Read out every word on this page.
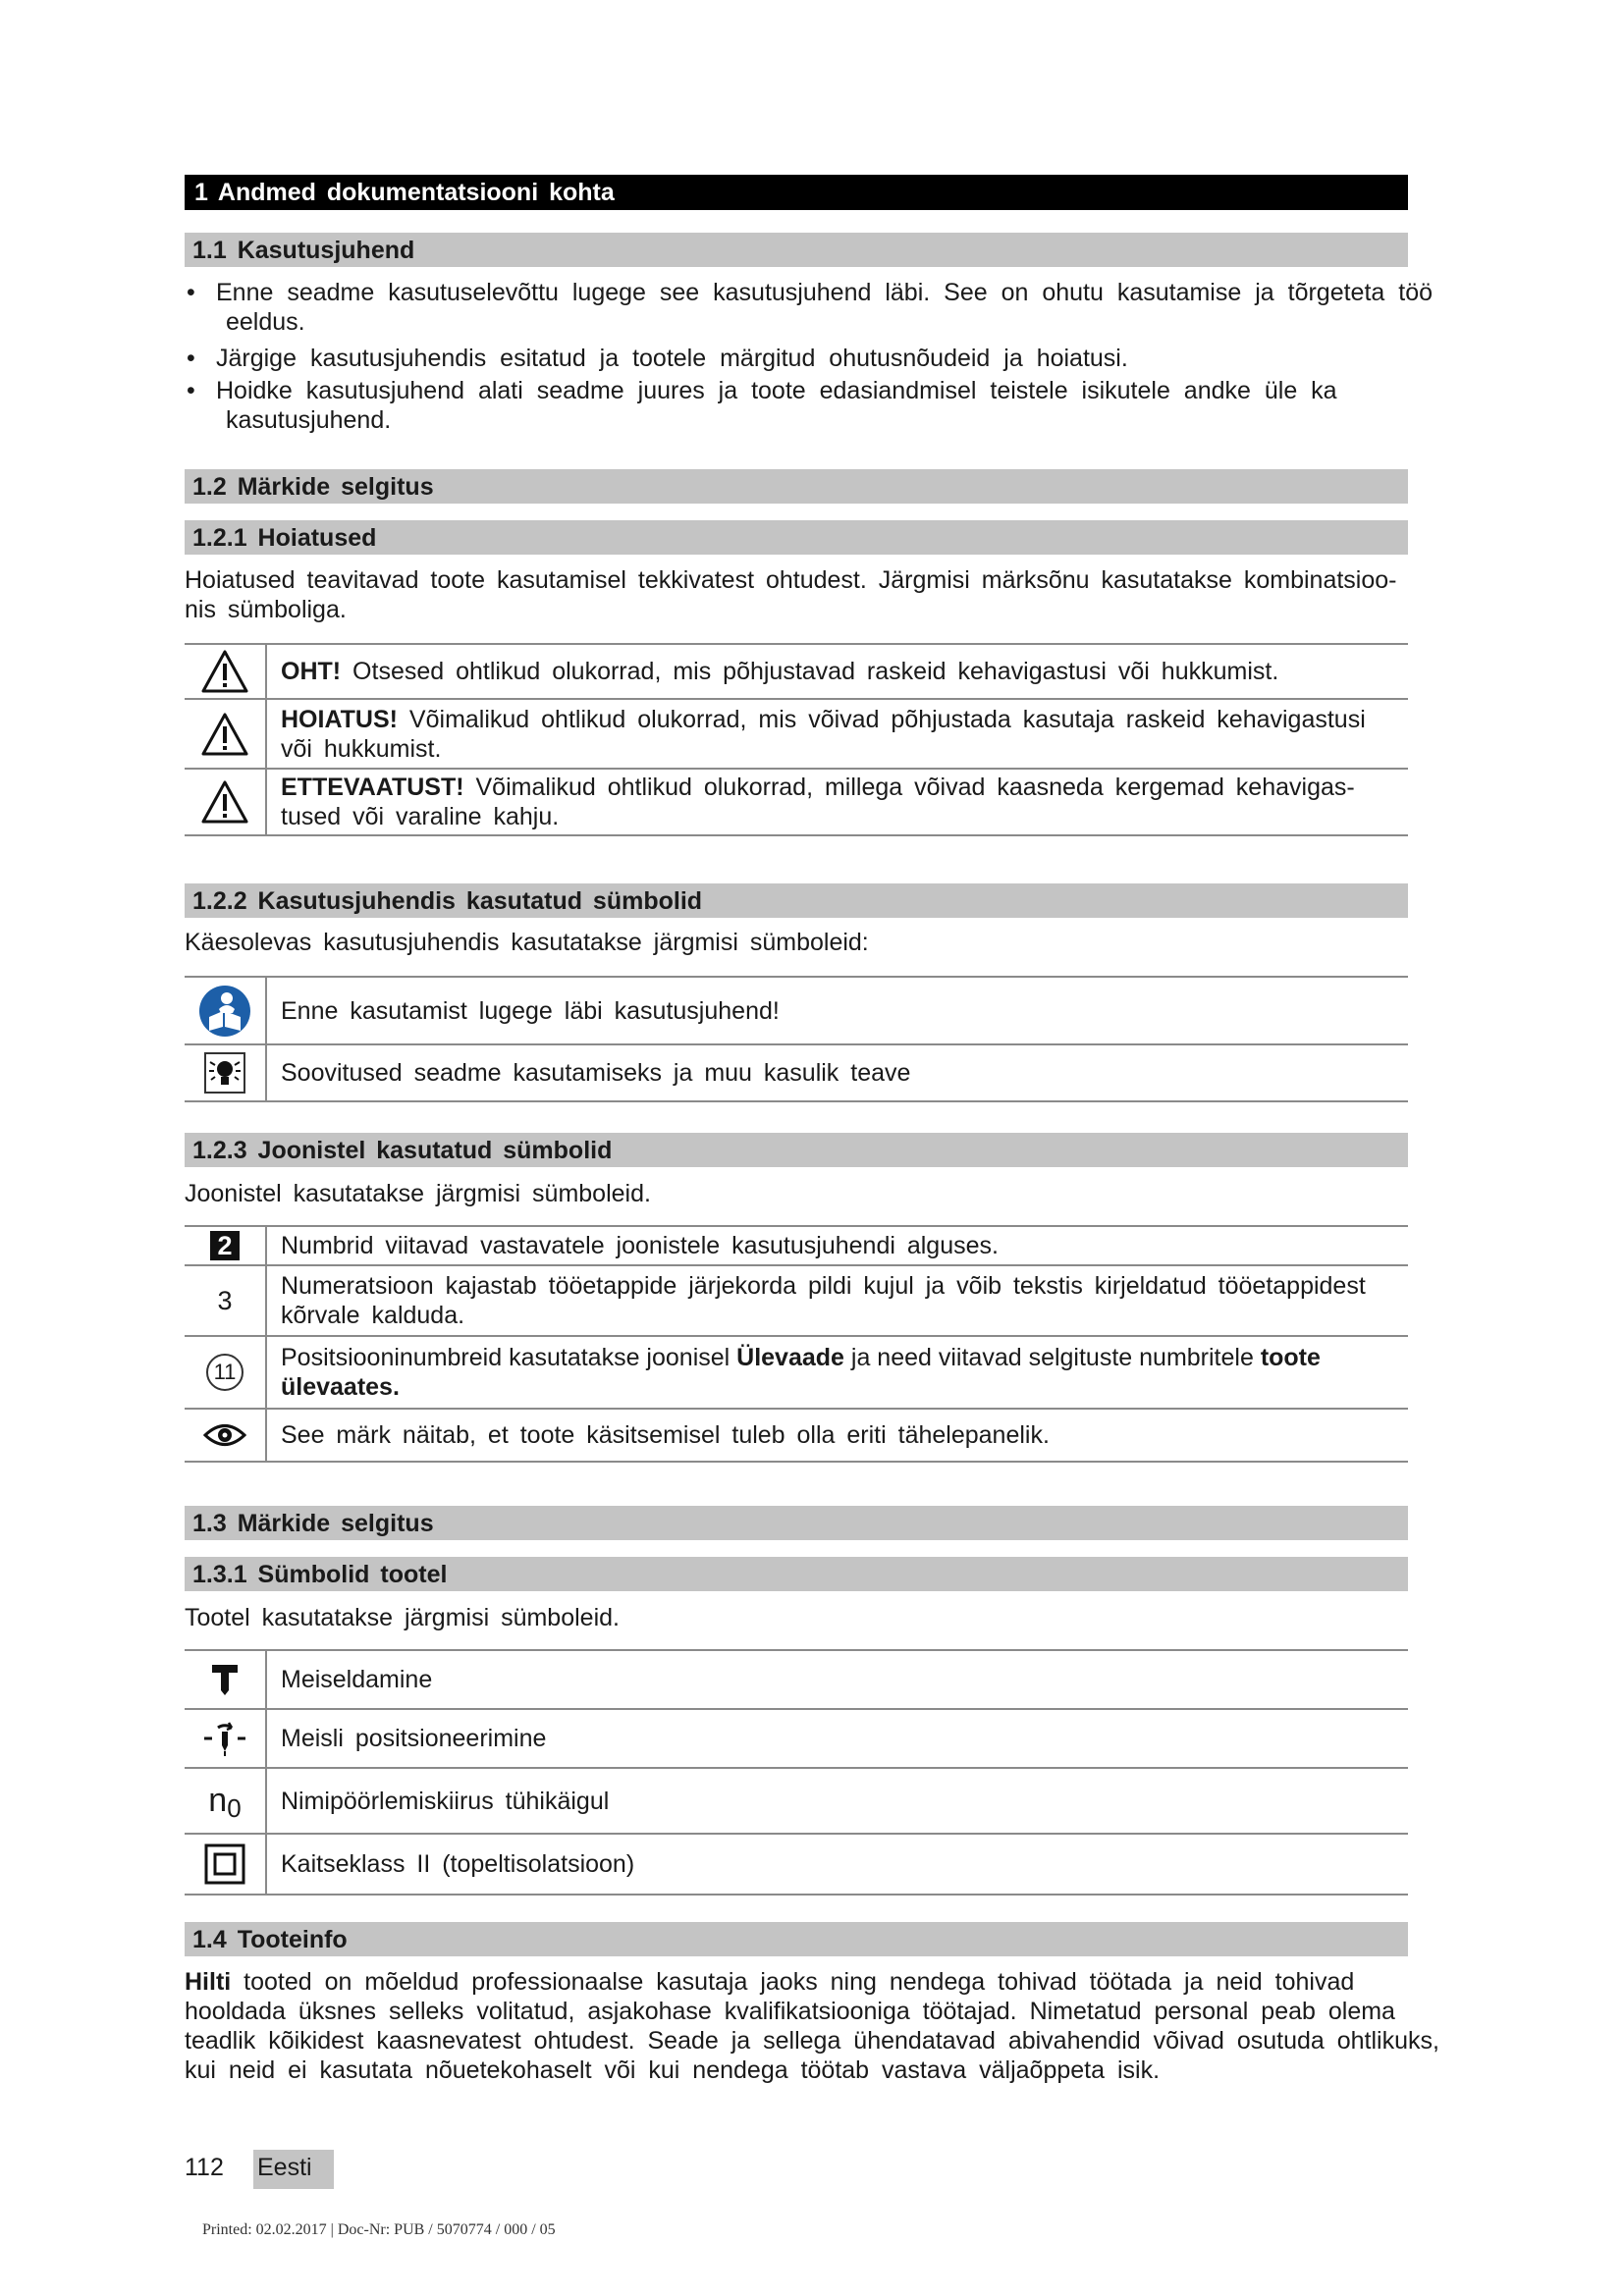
1 Andmed dokumentatsiooni kohta
1.1 Kasutusjuhend
• Enne seadme kasutuselevõttu lugege see kasutusjuhend läbi. See on ohutu kasutamise ja tõrgeteta töö
eeldus.
• Järgige kasutusjuhendis esitatud ja tootele märgitud ohutusnõudeid ja hoiatusi.
• Hoidke kasutusjuhend alati seadme juures ja toote edasiandmisel teistele isikutele andke üle ka
kasutusjuhend.
1.2 Märkide selgitus
1.2.1 Hoiatused
Hoiatused teavitavad toote kasutamisel tekkivatest ohtudest. Järgmisi märksõnu kasutatakse kombinatsioo-
nis sümboliga.
OHT! Otsesed ohtlikud olukorrad, mis põhjustavad raskeid kehavigastusi või hukkumist.
HOIATUS! Võimalikud ohtlikud olukorrad, mis võivad põhjustada kasutaja raskeid kehavigastusi
või hukkumist.
ETTEVAATUST! Võimalikud ohtlikud olukorrad, millega võivad kaasneda kergemad kehavigas-
tused või varaline kahju.
1.2.2 Kasutusjuhendis kasutatud sümbolid
Käesolevas kasutusjuhendis kasutatakse järgmisi sümboleid:
Enne kasutamist lugege läbi kasutusjuhend!
Soovitused seadme kasutamiseks ja muu kasulik teave
1.2.3 Joonistel kasutatud sümbolid
Joonistel kasutatakse järgmisi sümboleid.
2 Numbrid viitavad vastavatele joonistele kasutusjuhendi alguses.
3 Numeratsioon kajastab tööetappide järjekorda pildi kujul ja võib tekstis kirjeldatud tööetappidest
kõrvale kalduda.
11
Positsiooninumbreid kasutatakse joonisel Ülevaade ja need viitavad selgituste numbritele toote
ülevaates.
See märk näitab, et toote käsitsemisel tuleb olla eriti tähelepanelik.
1.3 Märkide selgitus
1.3.1 Sümbolid tootel
Tootel kasutatakse järgmisi sümboleid.
Meiseldamine
Meisli positsioneerimine
n0 Nimipöörlemiskiirus tühikäigul
Kaitseklass II (topeltisolatsioon)
1.4 Tooteinfo
Hilti tooted on mõeldud professionaalse kasutaja jaoks ning nendega tohivad töötada ja neid tohivad
hooldada üksnes selleks volitatud, asjakohase kvalifikatsiooniga töötajad. Nimetatud personal peab olema
teadlik kõikidest kaasnevatest ohtudest. Seade ja sellega ühendatavad abivahendid võivad osutuda ohtlikuks,
kui neid ei kasutata nõuetekohaselt või kui nendega töötab vastava väljaõppeta isik.
112 Eesti
Printed: 02.02.2017 | Doc-Nr: PUB / 5070774 / 000 / 05
